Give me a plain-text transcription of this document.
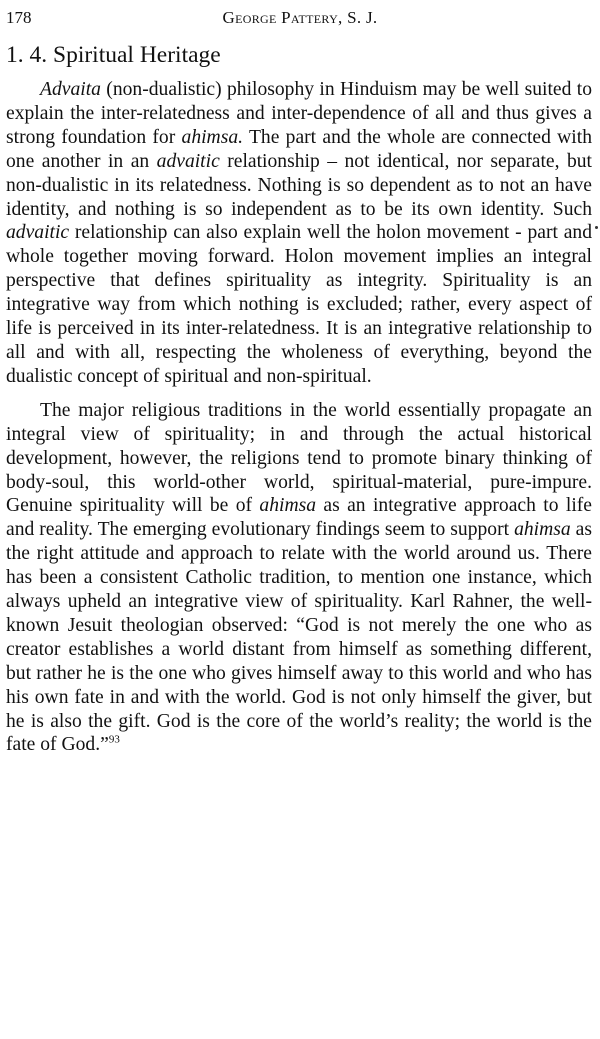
178	George Pattery, S. J.
1. 4. Spiritual Heritage

Advaita (non-dualistic) philosophy in Hinduism may be well suited to explain the inter-relatedness and inter-dependence of all and thus gives a strong foundation for ahimsa. The part and the whole are connected with one another in an advaitic relationship – not identical, nor separate, but non-dualistic in its relatedness. Nothing is so dependent as to not an have identity, and nothing is so independent as to be its own identity. Such advaitic relationship can also explain well the holon movement - part and whole together moving forward. Holon movement implies an integral perspective that defines spirituality as integrity. Spirituality is an integrative way from which nothing is excluded; rather, every aspect of life is perceived in its inter-relatedness. It is an integrative relationship to all and with all, respecting the wholeness of everything, beyond the dualistic concept of spiritual and non-spiritual.

The major religious traditions in the world essentially propagate an integral view of spirituality; in and through the actual historical development, however, the religions tend to promote binary thinking of body-soul, this world-other world, spiritual-material, pure-impure. Genuine spirituality will be of ahimsa as an integrative approach to life and reality. The emerging evolutionary findings seem to support ahimsa as the right attitude and approach to relate with the world around us. There has been a consistent Catholic tradition, to mention one instance, which always upheld an integrative view of spirituality. Karl Rahner, the well-known Jesuit theologian observed: “God is not merely the one who as creator establishes a world distant from himself as something different, but rather he is the one who gives himself away to this world and who has his own fate in and with the world. God is not only himself the giver, but he is also the gift. God is the core of the world’s reality; the world is the fate of God.”$^{93}$
